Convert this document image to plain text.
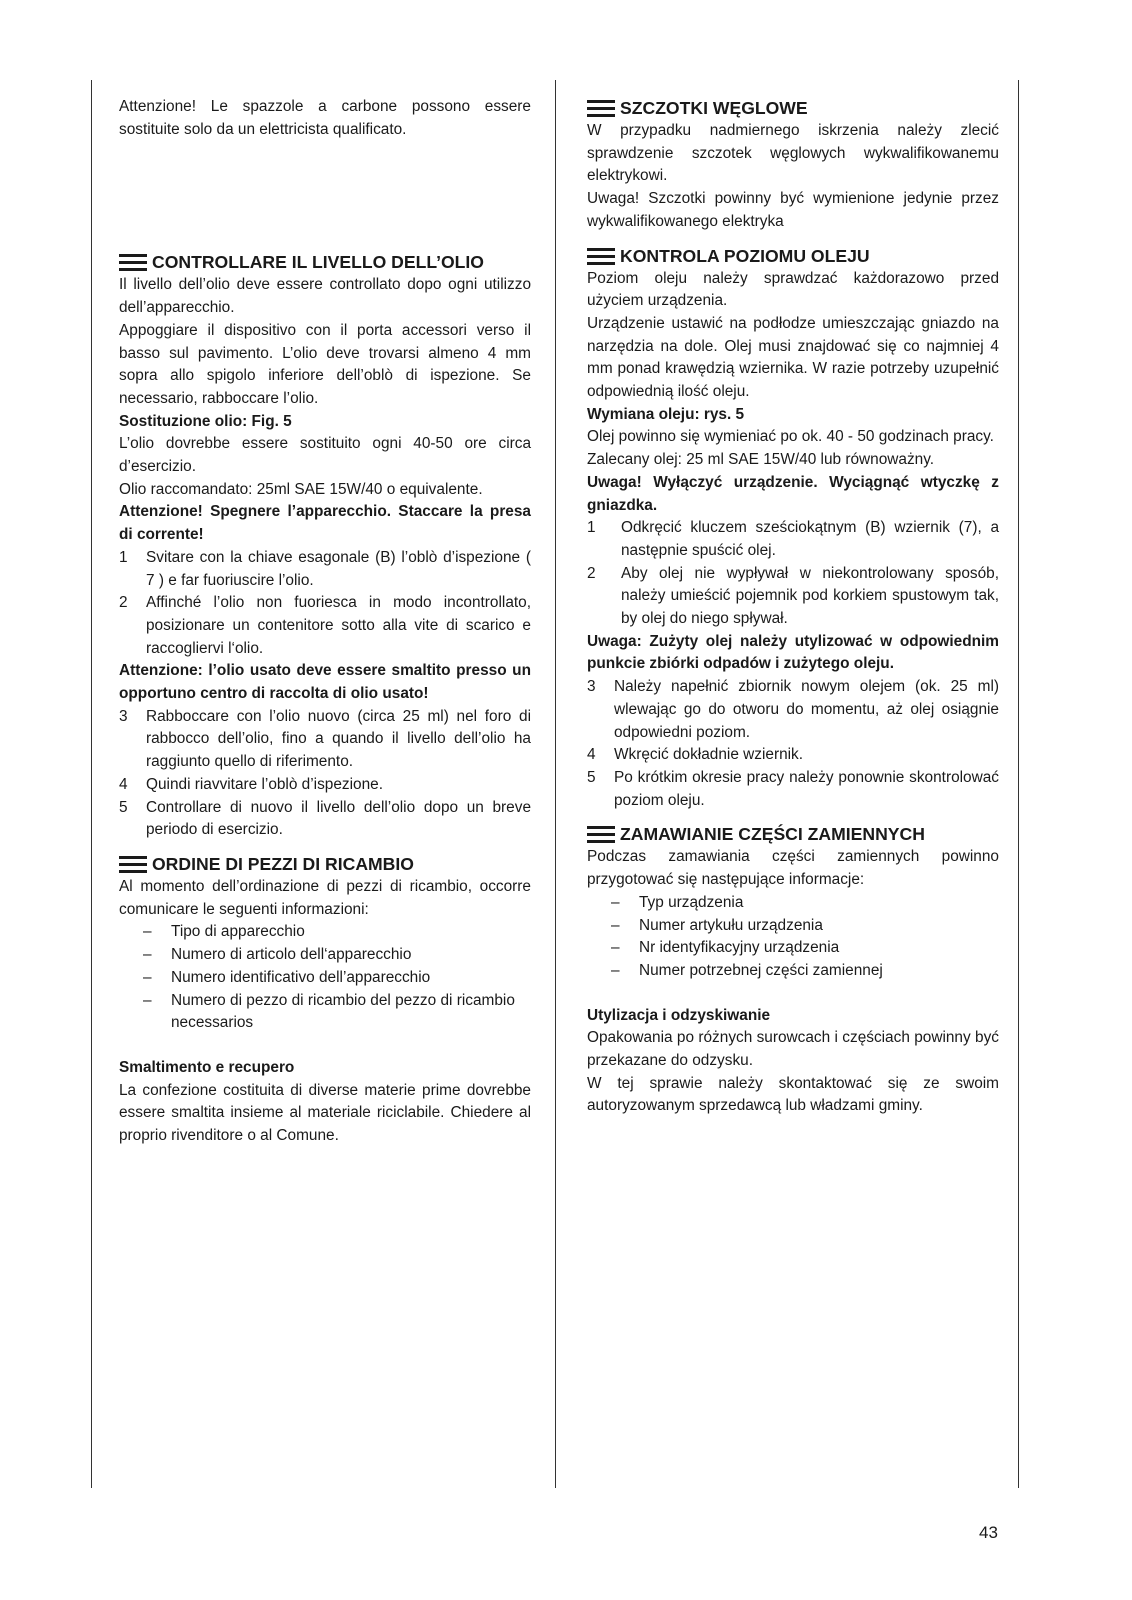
Attenzione! Le spazzole a carbone possono essere sostituite solo da un elettricista qualificato.

CONTROLLARE IL LIVELLO DELL’OLIO

Il livello dell’olio deve essere controllato dopo ogni utilizzo dell’apparecchio.

Appoggiare il dispositivo con il porta accessori verso il basso sul pavimento. L’olio deve trovarsi almeno 4 mm sopra allo spigolo inferiore dell’oblò di ispezione. Se necessario, rabboccare l’olio.

Sostituzione olio: Fig. 5

L’olio dovrebbe essere sostituito ogni 40-50 ore circa d’esercizio.

Olio raccomandato: 25ml SAE 15W/40 o equivalente.

Attenzione! Spegnere l’apparecchio. Staccare la presa di corrente!

1	Svitare con la chiave esagonale (B) l’oblò d’ispezione ( 7 ) e far fuoriuscire l’olio.
2	Affinché l’olio non fuoriesca in modo incontrollato, posizionare un contenitore sotto alla vite di scarico e raccogliervi l‘olio.

Attenzione: l’olio usato deve essere smaltito presso un opportuno centro di raccolta di olio usato!

3	Rabboccare con l’olio nuovo (circa 25 ml) nel foro di rabbocco dell’olio, fino a quando il livello dell’olio ha raggiunto quello di riferimento.
4	Quindi riavvitare l’oblò d’ispezione.
5	Controllare di nuovo il livello dell’olio dopo un breve periodo di esercizio.
ORDINE DI PEZZI DI RICAMBIO

Al momento dell’ordinazione di pezzi di ricambio, occorre comunicare le seguenti informazioni:

–	Tipo di apparecchio
–	Numero di articolo dell‘apparecchio
–	Numero identificativo dell’apparecchio
–	Numero di pezzo di ricambio del pezzo di ricambio necessarios

Smaltimento e recupero

La confezione costituita di diverse materie prime dovrebbe essere smaltita insieme al materiale riciclabile. Chiedere al proprio rivenditore o al Comune.

SZCZOTKI WĘGLOWE

W przypadku nadmiernego iskrzenia należy zlecić sprawdzenie szczotek węglowych wykwalifikowanemu elektrykowi.

Uwaga! Szczotki powinny być wymienione jedynie przez wykwalifikowanego elektryka

KONTROLA POZIOMU OLEJU

Poziom oleju należy sprawdzać każdorazowo przed użyciem urządzenia.

Urządzenie ustawić na podłodze umieszczając gniazdo na narzędzia na dole. Olej musi znajdować się co najmniej 4 mm ponad krawędzią wziernika. W razie potrzeby uzupełnić odpowiednią ilość oleju.

Wymiana oleju: rys. 5

Olej powinno się wymieniać po ok. 40 - 50 godzinach pracy.

Zalecany olej: 25 ml SAE 15W/40 lub równoważny.

Uwaga! Wyłączyć urządzenie. Wyciągnąć wtyczkę z gniazdka.

1	Odkręcić kluczem sześciokątnym (B) wziernik (7), a następnie spuścić olej.
2	Aby olej nie wypływał w niekontrolowany sposób, należy umieścić pojemnik pod korkiem spustowym tak, by olej do niego spływał.

Uwaga: Zużyty olej należy utylizować w odpowiednim punkcie zbiórki odpadów i zużytego oleju.

3	Należy napełnić zbiornik nowym olejem (ok. 25 ml) wlewając go do otworu do momentu, aż olej osiągnie odpowiedni poziom.
4	Wkręcić dokładnie wziernik.
5	Po krótkim okresie pracy należy ponownie skontrolować poziom oleju.
ZAMAWIANIE CZĘŚCI ZAMIENNYCH

Podczas zamawiania części zamiennych powinno przygotować się następujące informacje:

–	Typ urządzenia
–	Numer artykułu urządzenia
–	Nr identyfikacyjny urządzenia
–	Numer potrzebnej części zamiennej

Utylizacja i odzyskiwanie

Opakowania po różnych surowcach i częściach powinny być przekazane do odzysku.

W tej sprawie należy skontaktować się ze swoim autoryzowanym sprzedawcą lub władzami gminy.

43
